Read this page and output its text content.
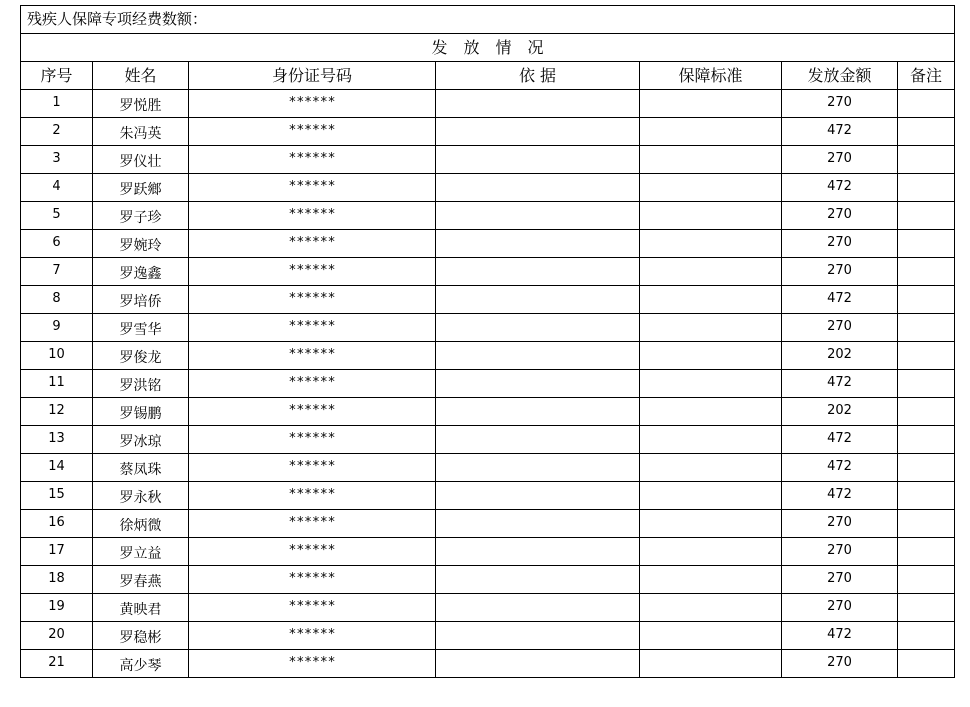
残疾人保障专项经费数额：						
发放情况						
序号	姓名	身份证号码	依 据	保障标准	发放金额	备注
1	罗悦胜	******			270	
2	朱冯英	******			472	
3	罗仪壮	******			270	
4	罗跃鄉	******			472	
5	罗子珍	******			270	
6	罗婉玲	******			270	
7	罗逸鑫	******			270	
8	罗培侨	******			472	
9	罗雪华	******			270	
10	罗俊龙	******			202	
11	罗洪铭	******			472	
12	罗锡鹏	******			202	
13	罗冰琼	******			472	
14	蔡凤珠	******			472	
15	罗永秋	******			472	
16	徐炳微	******			270	
17	罗立益	******			270	
18	罗春燕	******			270	
19	黄映君	******			270	
20	罗稳彬	******			472	
21	高少琴	******			270	
